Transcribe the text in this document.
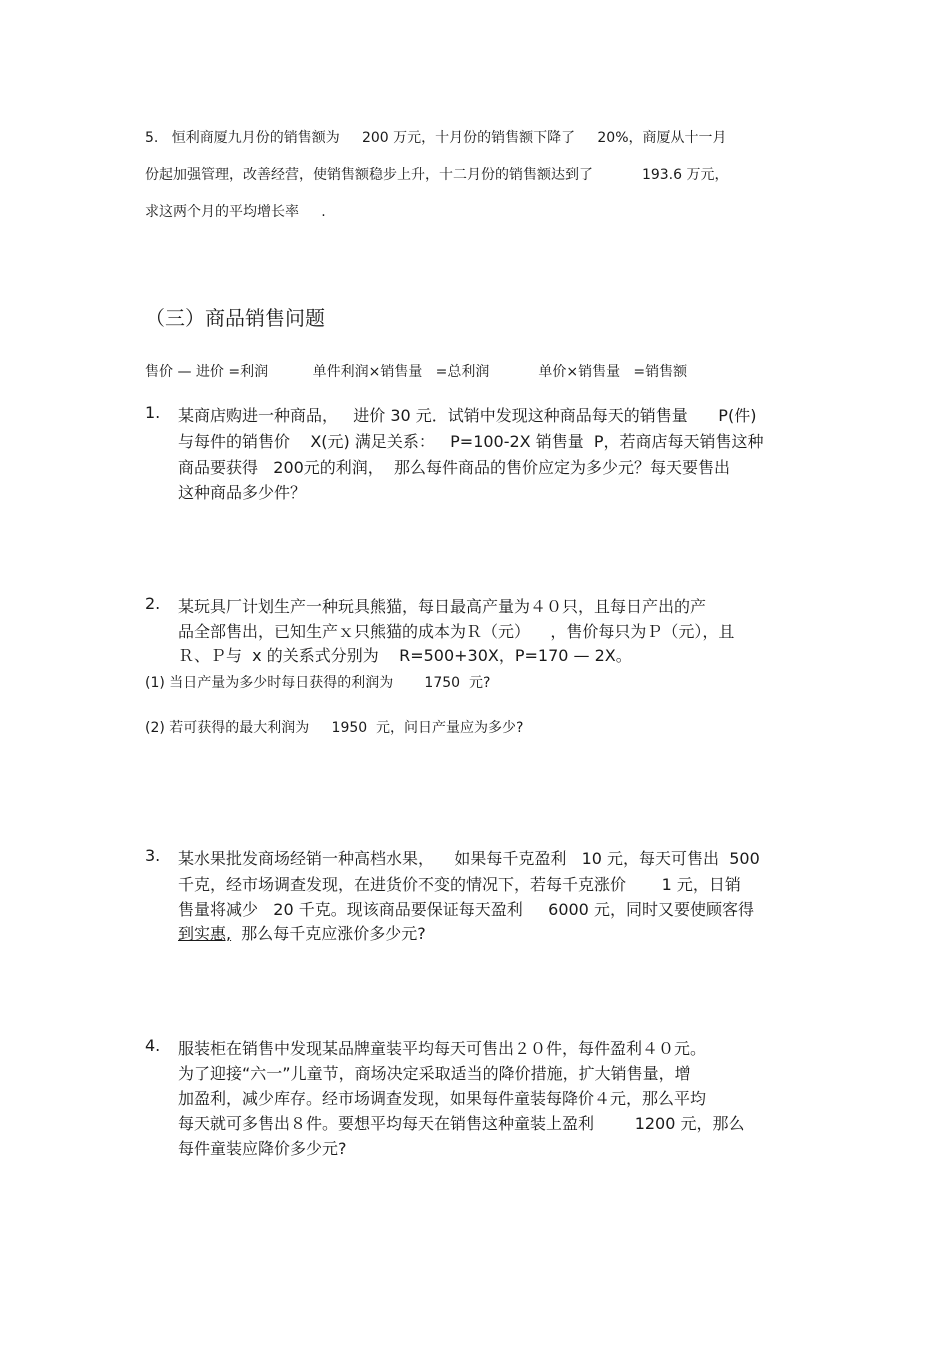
5.   恒利商厦九月份的销售额为     200 万元，十月份的销售额下降了     20%，商厦从十一月
份起加强管理，改善经营，使销售额稳步上升，十二月份的销售额达到了           193.6 万元，
求这两个月的平均增长率     .
（三）商品销售问题
售价 — 进价 =利润          单件利润×销售量   =总利润           单价×销售量   =销售额
1. 某商店购进一种商品，   进价 30 元．试销中发现这种商品每天的销售量      P(件)
与每件的销售价    X(元) 满足关系：   P=100-2X 销售量  P，若商店每天销售这种
商品要获得   200元的利润，  那么每件商品的售价应定为多少元？每天要售出
这种商品多少件？
2. 某玩具厂计划生产一种玩具熊猫，每日最高产量为４０只，且每日产出的产
品全部售出，已知生产ｘ只熊猫的成本为Ｒ（元）    ，售价每只为Ｐ（元），且
Ｒ、Ｐ与  x 的关系式分别为    R=500+30X，P=170 — 2X。
(1) 当日产量为多少时每日获得的利润为       1750  元?
(2) 若可获得的最大利润为     1950  元，问日产量应为多少?
3. 某水果批发商场经销一种高档水果，    如果每千克盈利   10 元，每天可售出  500
千克，经市场调查发现，在进货价不变的情况下，若每千克涨价       1 元，日销
售量将减少   20 千克。现该商品要保证每天盈利     6000 元，同时又要使顾客得
到实惠,  那么每千克应涨价多少元?
4. 服装柜在销售中发现某品牌童装平均每天可售出２０件，每件盈利４０元。
为了迎接“六一”儿童节，商场决定采取适当的降价措施，扩大销售量，增
加盈利，减少库存。经市场调查发现，如果每件童装每降价４元，那么平均
每天就可多售出８件。要想平均每天在销售这种童装上盈利        1200 元，那么
每件童装应降价多少元?
